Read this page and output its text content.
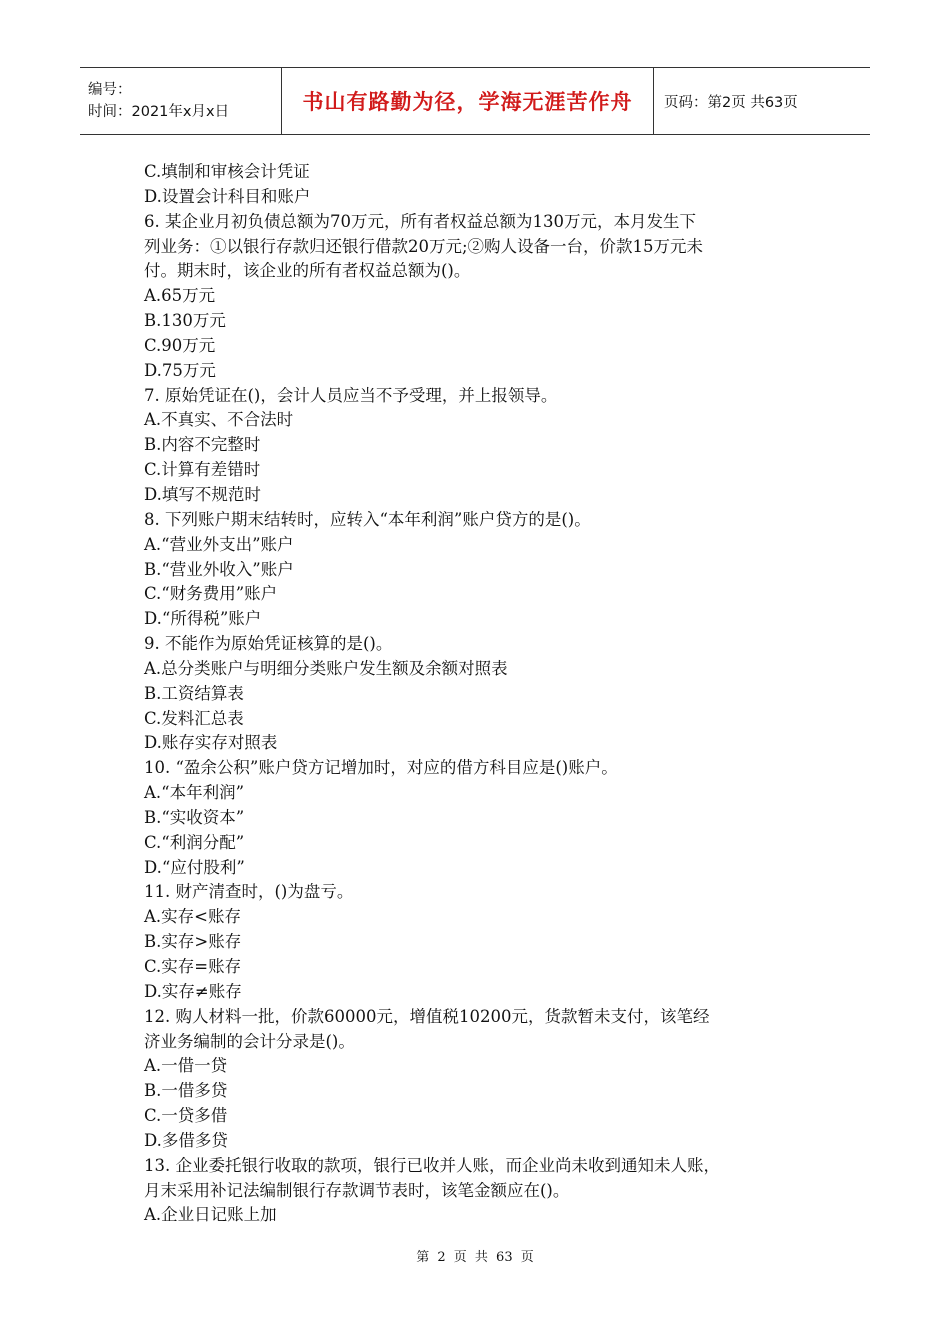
编号：
时间：2021年x月x日	书山有路勤为径，学海无涯苦作舟 页码：第2页 共63页
C.填制和审核会计凭证
D.设置会计科目和账户
6. 某企业月初负债总额为70万元，所有者权益总额为130万元，本月发生下
列业务：①以银行存款归还银行借款20万元;②购人设备一台，价款15万元未
付。期末时，该企业的所有者权益总额为()。
A.65万元
B.130万元
C.90万元
D.75万元
7. 原始凭证在()，会计人员应当不予受理，并上报领导。
A.不真实、不合法时
B.内容不完整时
C.计算有差错时
D.填写不规范时
8. 下列账户期末结转时，应转入“本年利润”账户贷方的是()。
A.“营业外支出”账户
B.“营业外收入”账户
C.“财务费用”账户
D.“所得税”账户
9. 不能作为原始凭证核算的是()。
A.总分类账户与明细分类账户发生额及余额对照表
B.工资结算表
C.发料汇总表
D.账存实存对照表
10. “盈余公积”账户贷方记增加时，对应的借方科目应是()账户。
A.“本年利润”
B.“实收资本”
C.“利润分配”
D.“应付股利”
11. 财产清查时，()为盘亏。
A.实存<账存
B.实存>账存
C.实存=账存
D.实存≠账存
12. 购人材料一批，价款60000元，增值税10200元，货款暂未支付，该笔经
济业务编制的会计分录是()。
A.一借一贷
B.一借多贷
C.一贷多借
D.多借多贷
13. 企业委托银行收取的款项，银行已收并人账，而企业尚未收到通知未人账，
月末采用补记法编制银行存款调节表时，该笔金额应在()。
A.企业日记账上加
第 2 页 共 63 页
